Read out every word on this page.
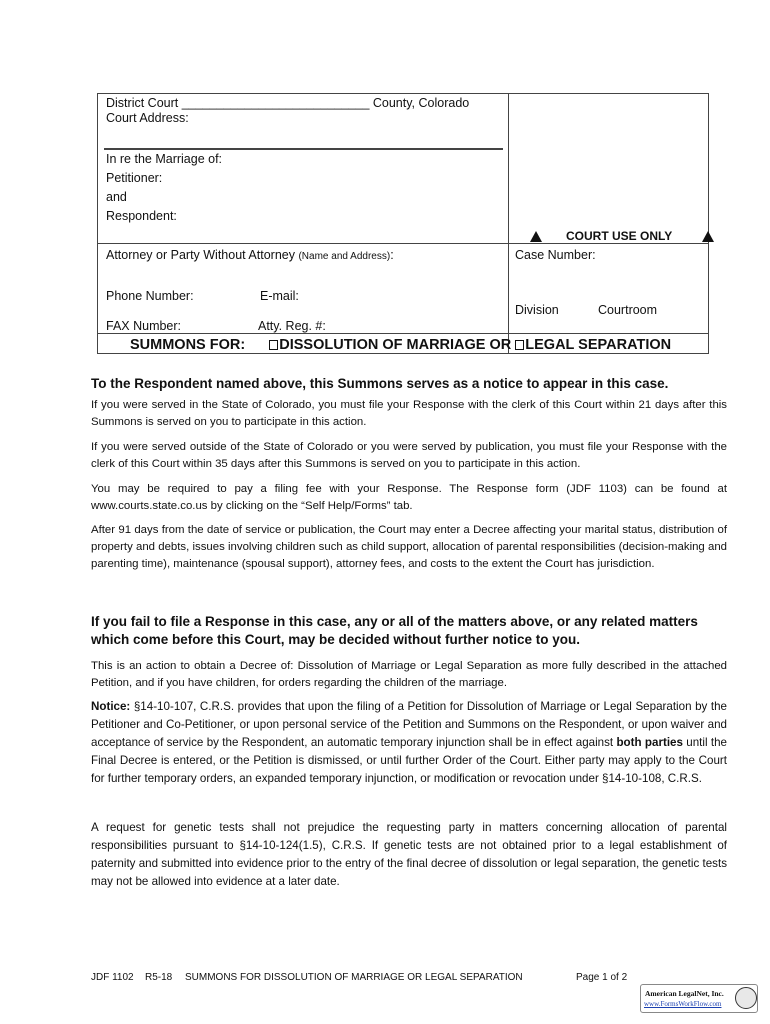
District Court ___________________________ County, Colorado
Court Address:
In re the Marriage of:
Petitioner:
and
Respondent:
COURT USE ONLY
Attorney or Party Without Attorney (Name and Address):	Case Number:
Phone Number:	E-mail:
Division	Courtroom
FAX Number:	Atty. Reg. #:
SUMMONS FOR: DISSOLUTION OF MARRIAGE OR LEGAL SEPARATION
To the Respondent named above, this Summons serves as a notice to appear in this case.
If you were served in the State of Colorado, you must file your Response with the clerk of this Court within 21 days after this Summons is served on you to participate in this action.
If you were served outside of the State of Colorado or you were served by publication, you must file your Response with the clerk of this Court within 35 days after this Summons is served on you to participate in this action.
You may be required to pay a filing fee with your Response. The Response form (JDF 1103) can be found at www.courts.state.co.us by clicking on the “Self Help/Forms” tab.
After 91 days from the date of service or publication, the Court may enter a Decree affecting your marital status, distribution of property and debts, issues involving children such as child support, allocation of parental responsibilities (decision-making and parenting time), maintenance (spousal support), attorney fees, and costs to the extent the Court has jurisdiction.
If you fail to file a Response in this case, any or all of the matters above, or any related matters which come before this Court, may be decided without further notice to you.
This is an action to obtain a Decree of: Dissolution of Marriage or Legal Separation as more fully described in the attached Petition, and if you have children, for orders regarding the children of the marriage.
Notice: §14-10-107, C.R.S. provides that upon the filing of a Petition for Dissolution of Marriage or Legal Separation by the Petitioner and Co-Petitioner, or upon personal service of the Petition and Summons on the Respondent, or upon waiver and acceptance of service by the Respondent, an automatic temporary injunction shall be in effect against both parties until the Final Decree is entered, or the Petition is dismissed, or until further Order of the Court. Either party may apply to the Court for further temporary orders, an expanded temporary injunction, or modification or revocation under §14-10-108, C.R.S.
A request for genetic tests shall not prejudice the requesting party in matters concerning allocation of parental responsibilities pursuant to §14-10-124(1.5), C.R.S. If genetic tests are not obtained prior to a legal establishment of paternity and submitted into evidence prior to the entry of the final decree of dissolution or legal separation, the genetic tests may not be allowed into evidence at a later date.
JDF 1102 R5-18 SUMMONS FOR DISSOLUTION OF MARRIAGE OR LEGAL SEPARATION	Page 1 of 2
American LegalNet, Inc.
www.FormsWorkFlow.com
